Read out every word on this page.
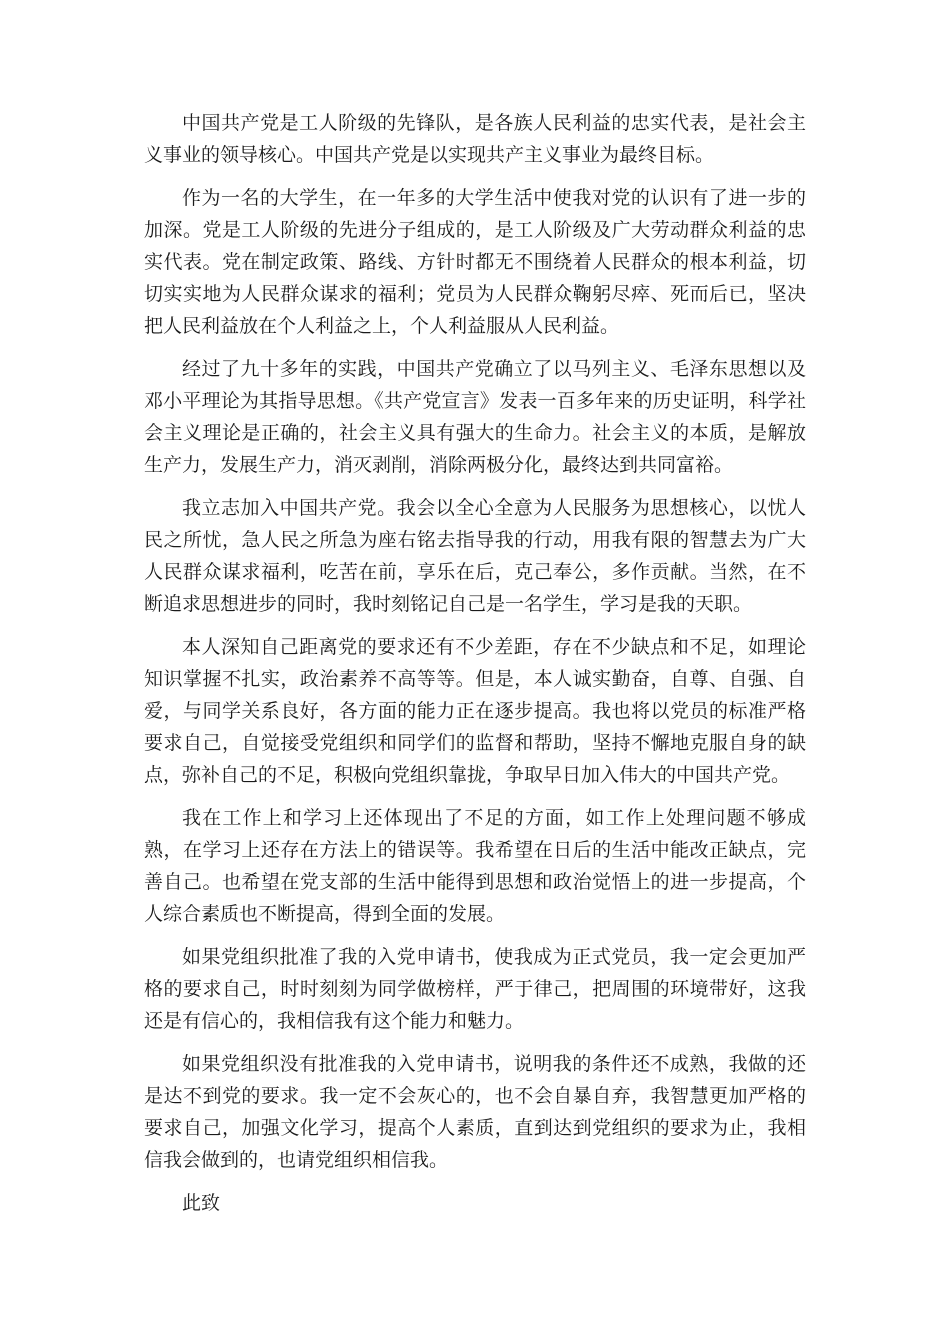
中国共产党是工人阶级的先锋队，是各族人民利益的忠实代表，是社会主义事业的领导核心。中国共产党是以实现共产主义事业为最终目标。

作为一名的大学生，在一年多的大学生活中使我对党的认识有了进一步的加深。党是工人阶级的先进分子组成的，是工人阶级及广大劳动群众利益的忠实代表。党在制定政策、路线、方针时都无不围绕着人民群众的根本利益，切切实实地为人民群众谋求的福利；党员为人民群众鞠躬尽瘁、死而后已，坚决把人民利益放在个人利益之上，个人利益服从人民利益。

经过了九十多年的实践，中国共产党确立了以马列主义、毛泽东思想以及邓小平理论为其指导思想。《共产党宣言》发表一百多年来的历史证明，科学社会主义理论是正确的，社会主义具有强大的生命力。社会主义的本质，是解放生产力，发展生产力，消灭剥削，消除两极分化，最终达到共同富裕。

我立志加入中国共产党。我会以全心全意为人民服务为思想核心，以忧人民之所忧，急人民之所急为座右铭去指导我的行动，用我有限的智慧去为广大人民群众谋求福利，吃苦在前，享乐在后，克己奉公，多作贡献。当然，在不断追求思想进步的同时，我时刻铭记自己是一名学生，学习是我的天职。

本人深知自己距离党的要求还有不少差距，存在不少缺点和不足，如理论知识掌握不扎实，政治素养不高等等。但是，本人诚实勤奋，自尊、自强、自爱，与同学关系良好，各方面的能力正在逐步提高。我也将以党员的标准严格要求自己，自觉接受党组织和同学们的监督和帮助，坚持不懈地克服自身的缺点，弥补自己的不足，积极向党组织靠拢，争取早日加入伟大的中国共产党。

我在工作上和学习上还体现出了不足的方面，如工作上处理问题不够成熟，在学习上还存在方法上的错误等。我希望在日后的生活中能改正缺点，完善自己。也希望在党支部的生活中能得到思想和政治觉悟上的进一步提高，个人综合素质也不断提高，得到全面的发展。

如果党组织批准了我的入党申请书，使我成为正式党员，我一定会更加严格的要求自己，时时刻刻为同学做榜样，严于律己，把周围的环境带好，这我还是有信心的，我相信我有这个能力和魅力。

如果党组织没有批准我的入党申请书，说明我的条件还不成熟，我做的还是达不到党的要求。我一定不会灰心的，也不会自暴自弃，我智慧更加严格的要求自己，加强文化学习，提高个人素质，直到达到党组织的要求为止，我相信我会做到的，也请党组织相信我。

此致
